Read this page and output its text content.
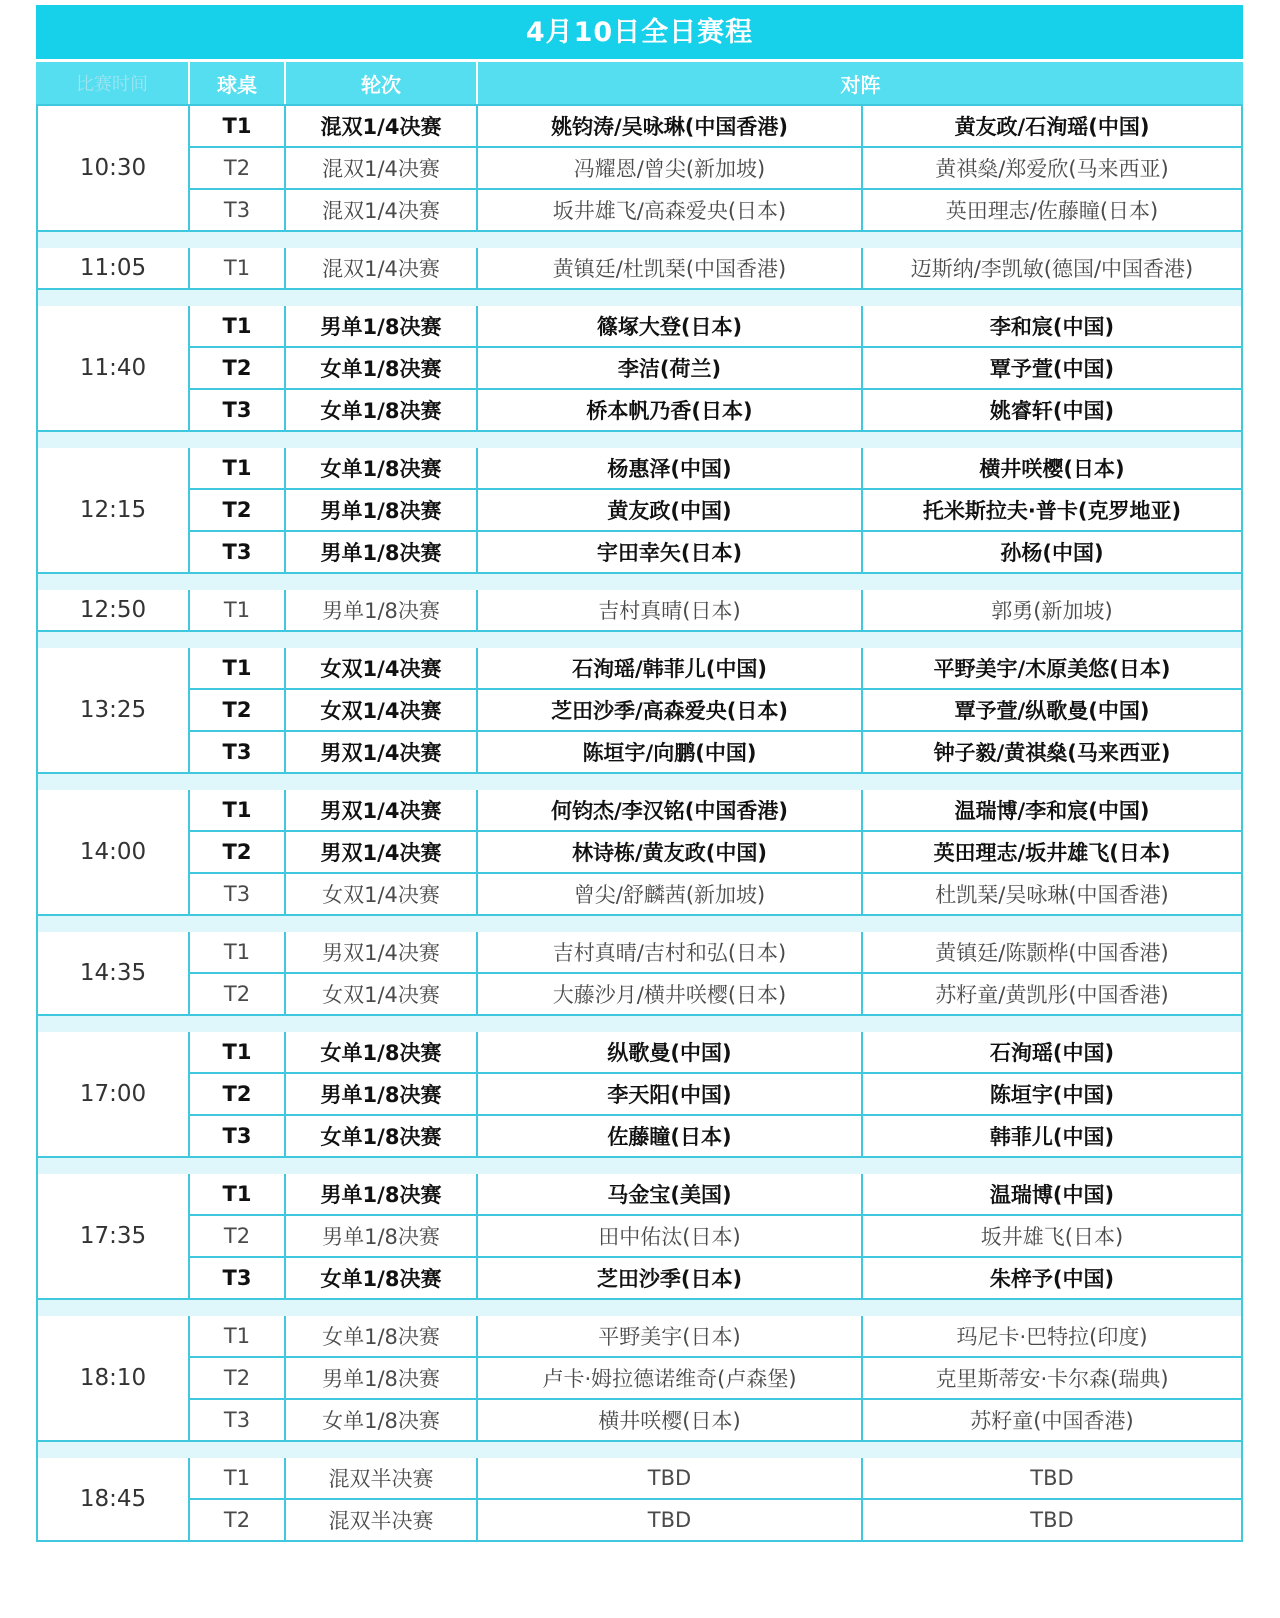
4月10日全日赛程
比赛时间	球桌	轮次	对阵
10:30
T1	混双1/4决赛	姚钧涛/吴咏琳(中国香港)	黄友政/石洵瑶(中国)
T2	混双1/4决赛	冯耀恩/曾尖(新加坡)	黄祺燊/郑爱欣(马来西亚)
T3	混双1/4决赛	坂井雄飞/高森爱央(日本)	英田理志/佐藤瞳(日本)
11:05	T1	混双1/4决赛	黄镇廷/杜凯琹(中国香港)	迈斯纳/李凯敏(德国/中国香港)
11:40
T1	男单1/8决赛	篠塚大登(日本)	李和宸(中国)
T2	女单1/8决赛	李洁(荷兰)	覃予萱(中国)
T3	女单1/8决赛	桥本帆乃香(日本)	姚睿轩(中国)
12:15
T1	女单1/8决赛	杨惠泽(中国)	横井咲樱(日本)
T2	男单1/8决赛	黄友政(中国)	托米斯拉夫·普卡(克罗地亚)
T3	男单1/8决赛	宇田幸矢(日本)	孙杨(中国)
12:50	T1	男单1/8决赛	吉村真晴(日本)	郭勇(新加坡)
13:25
T1	女双1/4决赛	石洵瑶/韩菲儿(中国)	平野美宇/木原美悠(日本)
T2	女双1/4决赛	芝田沙季/高森爱央(日本)	覃予萱/纵歌曼(中国)
T3	男双1/4决赛	陈垣宇/向鹏(中国)	钟子毅/黄祺燊(马来西亚)
14:00
T1	男双1/4决赛	何钧杰/李汉铭(中国香港)	温瑞博/李和宸(中国)
T2	男双1/4决赛	林诗栋/黄友政(中国)	英田理志/坂井雄飞(日本)
T3	女双1/4决赛	曾尖/舒麟茜(新加坡)	杜凯琹/吴咏琳(中国香港)
14:35
T1	男双1/4决赛	吉村真晴/吉村和弘(日本)	黄镇廷/陈颢桦(中国香港)
T2	女双1/4决赛	大藤沙月/横井咲樱(日本)	苏籽童/黄凯彤(中国香港)
17:00
T1	女单1/8决赛	纵歌曼(中国)	石洵瑶(中国)
T2	男单1/8决赛	李天阳(中国)	陈垣宇(中国)
T3	女单1/8决赛	佐藤瞳(日本)	韩菲儿(中国)
17:35
T1	男单1/8决赛	马金宝(美国)	温瑞博(中国)
T2	男单1/8决赛	田中佑汰(日本)	坂井雄飞(日本)
T3	女单1/8决赛	芝田沙季(日本)	朱梓予(中国)
18:10
T1	女单1/8决赛	平野美宇(日本)	玛尼卡·巴特拉(印度)
T2	男单1/8决赛	卢卡·姆拉德诺维奇(卢森堡)	克里斯蒂安·卡尔森(瑞典)
T3	女单1/8决赛	横井咲樱(日本)	苏籽童(中国香港)
18:45
T1	混双半决赛	TBD	TBD
T2	混双半决赛	TBD	TBD
